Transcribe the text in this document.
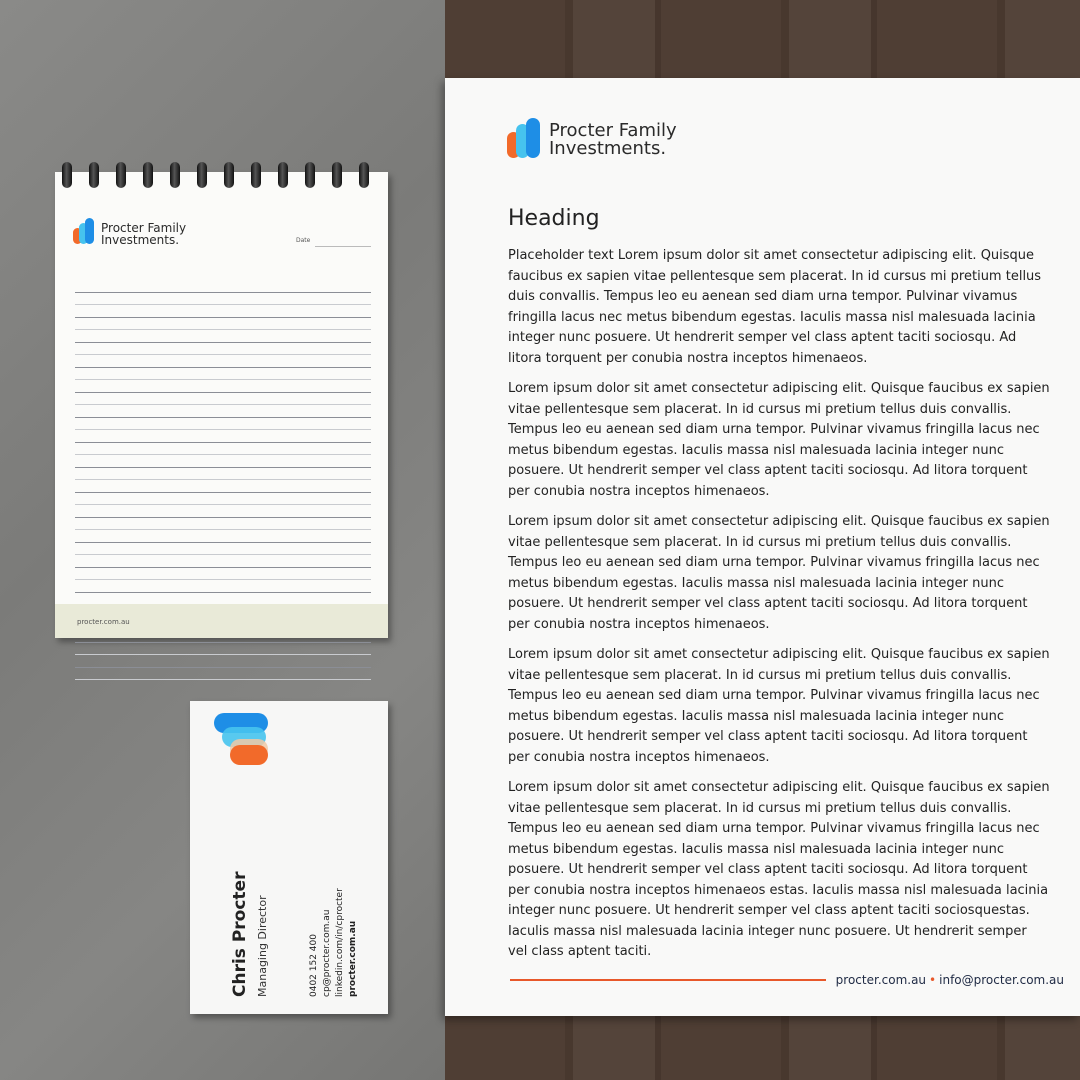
Procter Family
Investments.	Date
procter.com.au
Chris Procter Managing Director	0402 152 400 cp@procter.com.au linkedin.com/in/cprocter procter.com.au
Procter Family
Investments.
Heading

Placeholder text Lorem ipsum dolor sit amet consectetur adipiscing elit. Quisque faucibus ex sapien vitae pellentesque sem placerat. In id cursus mi pretium tellus duis convallis. Tempus leo eu aenean sed diam urna tempor. Pulvinar vivamus fringilla lacus nec metus bibendum egestas. Iaculis massa nisl malesuada lacinia integer nunc posuere. Ut hendrerit semper vel class aptent taciti sociosqu. Ad litora torquent per conubia nostra inceptos himenaeos.

Lorem ipsum dolor sit amet consectetur adipiscing elit. Quisque faucibus ex sapien vitae pellentesque sem placerat. In id cursus mi pretium tellus duis convallis. Tempus leo eu aenean sed diam urna tempor. Pulvinar vivamus fringilla lacus nec metus bibendum egestas. Iaculis massa nisl malesuada lacinia integer nunc posuere. Ut hendrerit semper vel class aptent taciti sociosqu. Ad litora torquent per conubia nostra inceptos himenaeos.

Lorem ipsum dolor sit amet consectetur adipiscing elit. Quisque faucibus ex sapien vitae pellentesque sem placerat. In id cursus mi pretium tellus duis convallis. Tempus leo eu aenean sed diam urna tempor. Pulvinar vivamus fringilla lacus nec metus bibendum egestas. Iaculis massa nisl malesuada lacinia integer nunc posuere. Ut hendrerit semper vel class aptent taciti sociosqu. Ad litora torquent per conubia nostra inceptos himenaeos.

Lorem ipsum dolor sit amet consectetur adipiscing elit. Quisque faucibus ex sapien vitae pellentesque sem placerat. In id cursus mi pretium tellus duis convallis. Tempus leo eu aenean sed diam urna tempor. Pulvinar vivamus fringilla lacus nec metus bibendum egestas. Iaculis massa nisl malesuada lacinia integer nunc posuere. Ut hendrerit semper vel class aptent taciti sociosqu. Ad litora torquent per conubia nostra inceptos himenaeos.

Lorem ipsum dolor sit amet consectetur adipiscing elit. Quisque faucibus ex sapien vitae pellentesque sem placerat. In id cursus mi pretium tellus duis convallis. Tempus leo eu aenean sed diam urna tempor. Pulvinar vivamus fringilla lacus nec metus bibendum egestas. Iaculis massa nisl malesuada lacinia integer nunc posuere. Ut hendrerit semper vel class aptent taciti sociosqu. Ad litora torquent per conubia nostra inceptos himenaeos estas. Iaculis massa nisl malesuada lacinia integer nunc posuere. Ut hendrerit semper vel class aptent taciti sociosquestas. Iaculis massa nisl malesuada lacinia integer nunc posuere. Ut hendrerit semper vel class aptent taciti.

procter.com.au • info@procter.com.au
